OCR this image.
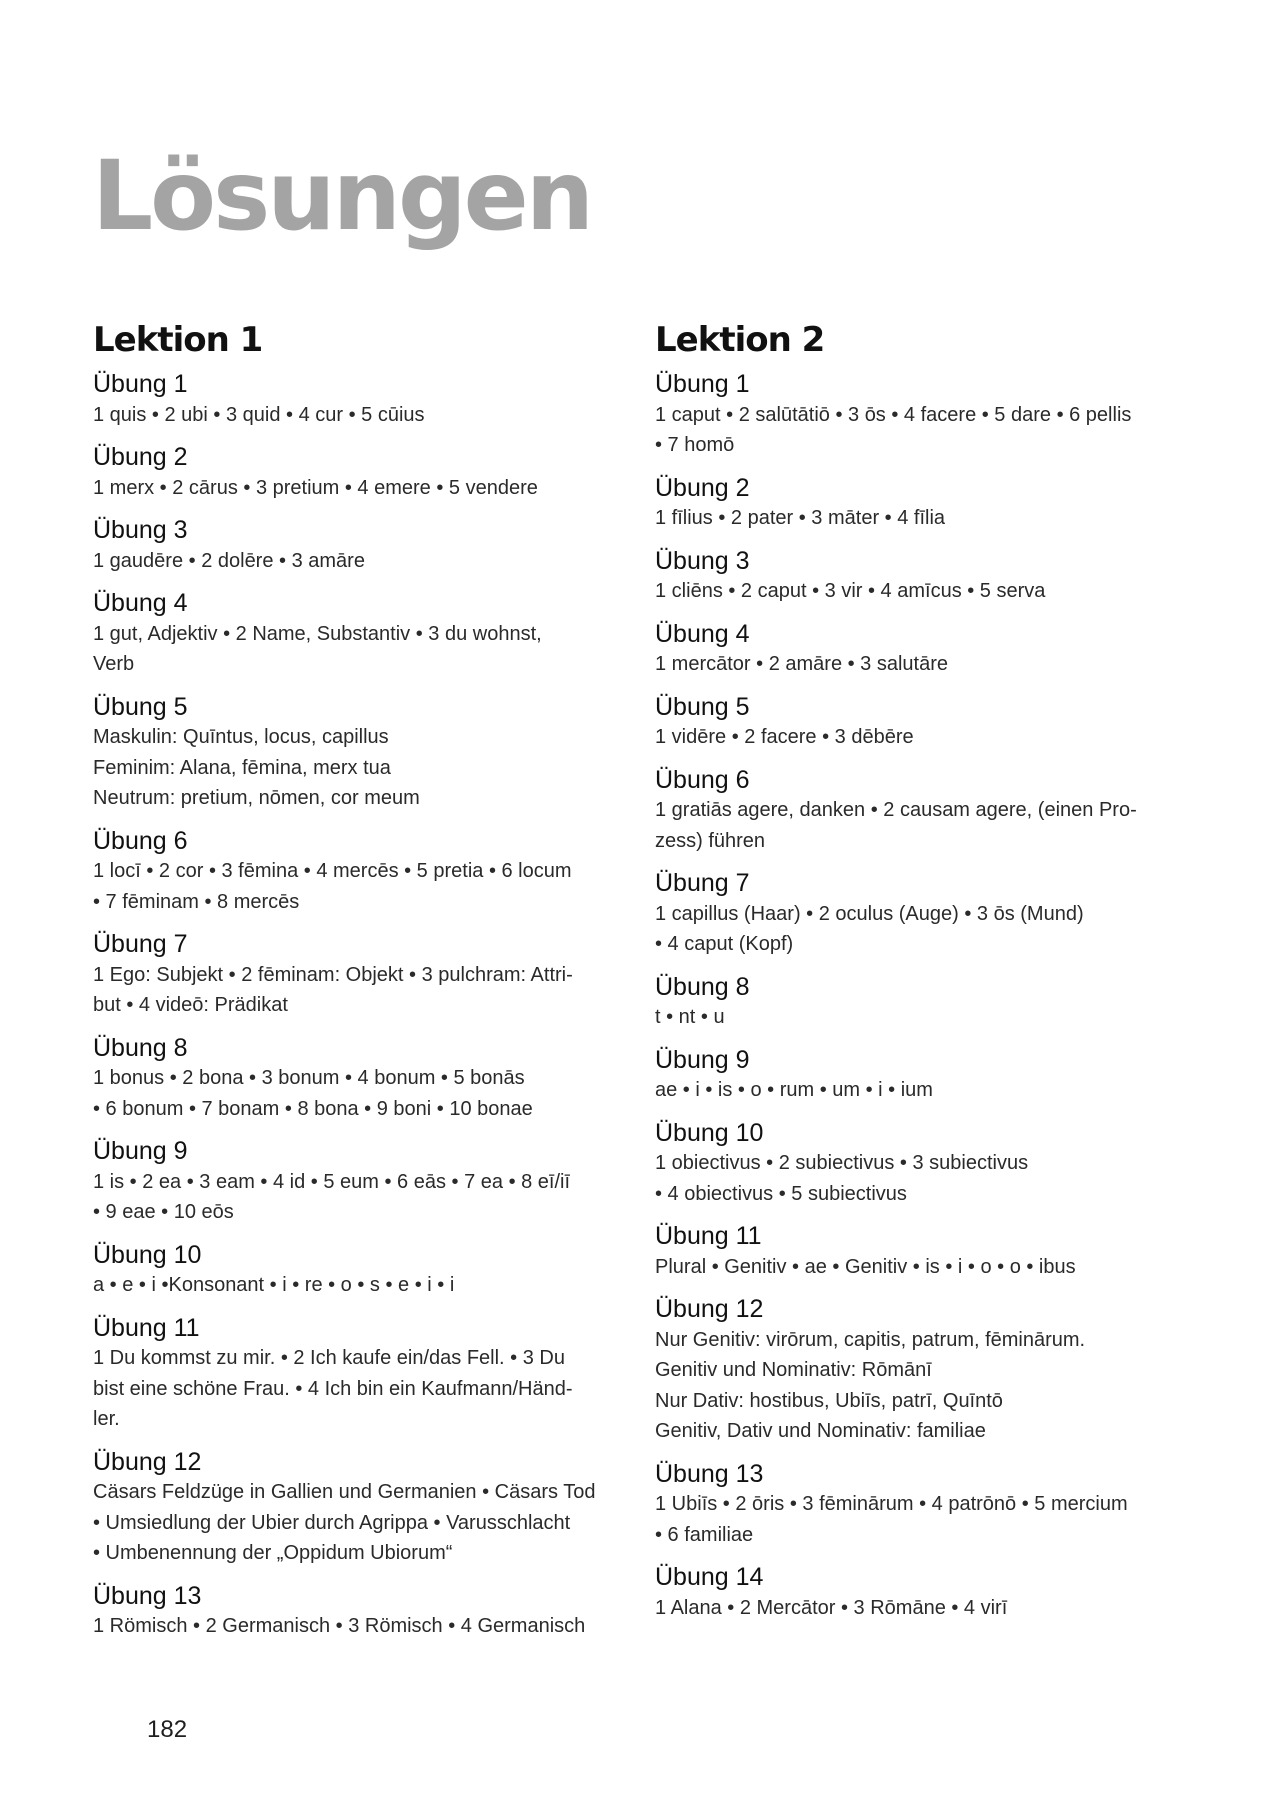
Lösungen
Lektion 1
Übung 1
1 quis • 2 ubi • 3 quid • 4 cur • 5 cūius
Übung 2
1 merx • 2 cārus • 3 pretium • 4 emere • 5 vendere
Übung 3
1 gaudēre • 2 dolēre • 3 amāre
Übung 4
1 gut, Adjektiv • 2 Name, Substantiv • 3 du wohnst,
Verb
Übung 5
Maskulin: Quīntus, locus, capillus
Feminim: Alana, fēmina, merx tua
Neutrum: pretium, nōmen, cor meum
Übung 6
1 locī • 2 cor • 3 fēmina • 4 mercēs • 5 pretia • 6 locum
• 7 fēminam • 8 mercēs
Übung 7
1 Ego: Subjekt • 2 fēminam: Objekt • 3 pulchram: Attri-
but • 4 videō: Prädikat
Übung 8
1 bonus • 2 bona • 3 bonum • 4 bonum • 5 bonās
• 6 bonum • 7 bonam • 8 bona • 9 boni • 10 bonae
Übung 9
1 is • 2 ea • 3 eam • 4 id • 5 eum • 6 eās • 7 ea • 8 eī/iī
• 9 eae • 10 eōs
Übung 10
a • e • i •Konsonant • i • re • o • s • e • i • i
Übung 11
1 Du kommst zu mir. • 2 Ich kaufe ein/das Fell. • 3 Du
bist eine schöne Frau. • 4 Ich bin ein Kaufmann/Händ-
ler.
Übung 12
Cäsars Feldzüge in Gallien und Germanien • Cäsars Tod
• Umsiedlung der Ubier durch Agrippa • Varusschlacht
• Umbenennung der „Oppidum Ubiorum“
Übung 13
1 Römisch • 2 Germanisch • 3 Römisch • 4 Germanisch
Lektion 2
Übung 1
1 caput • 2 salūtātiō • 3 ōs • 4 facere • 5 dare • 6 pellis
• 7 homō
Übung 2
1 fīlius • 2 pater • 3 māter • 4 fīlia
Übung 3
1 cliēns • 2 caput • 3 vir • 4 amīcus • 5 serva
Übung 4
1 mercātor • 2 amāre • 3 salutāre
Übung 5
1 vidēre • 2 facere • 3 dēbēre
Übung 6
1 gratiās agere, danken • 2 causam agere, (einen Pro-
zess) führen
Übung 7
1 capillus (Haar) • 2 oculus (Auge) • 3 ōs (Mund)
• 4 caput (Kopf)
Übung 8
t • nt • u
Übung 9
ae • i • is • o • rum • um • i • ium
Übung 10
1 obiectivus • 2 subiectivus • 3 subiectivus
• 4 obiectivus • 5 subiectivus
Übung 11
Plural • Genitiv • ae • Genitiv • is • i • o • o • ibus
Übung 12
Nur Genitiv: virōrum, capitis, patrum, fēminārum.
Genitiv und Nominativ: Rōmānī
Nur Dativ: hostibus, Ubiīs, patrī, Quīntō
Genitiv, Dativ und Nominativ: familiae
Übung 13
1 Ubiīs • 2 ōris • 3 fēminārum • 4 patrōnō • 5 mercium
• 6 familiae
Übung 14
1 Alana • 2 Mercātor • 3 Rōmāne • 4 virī
182
